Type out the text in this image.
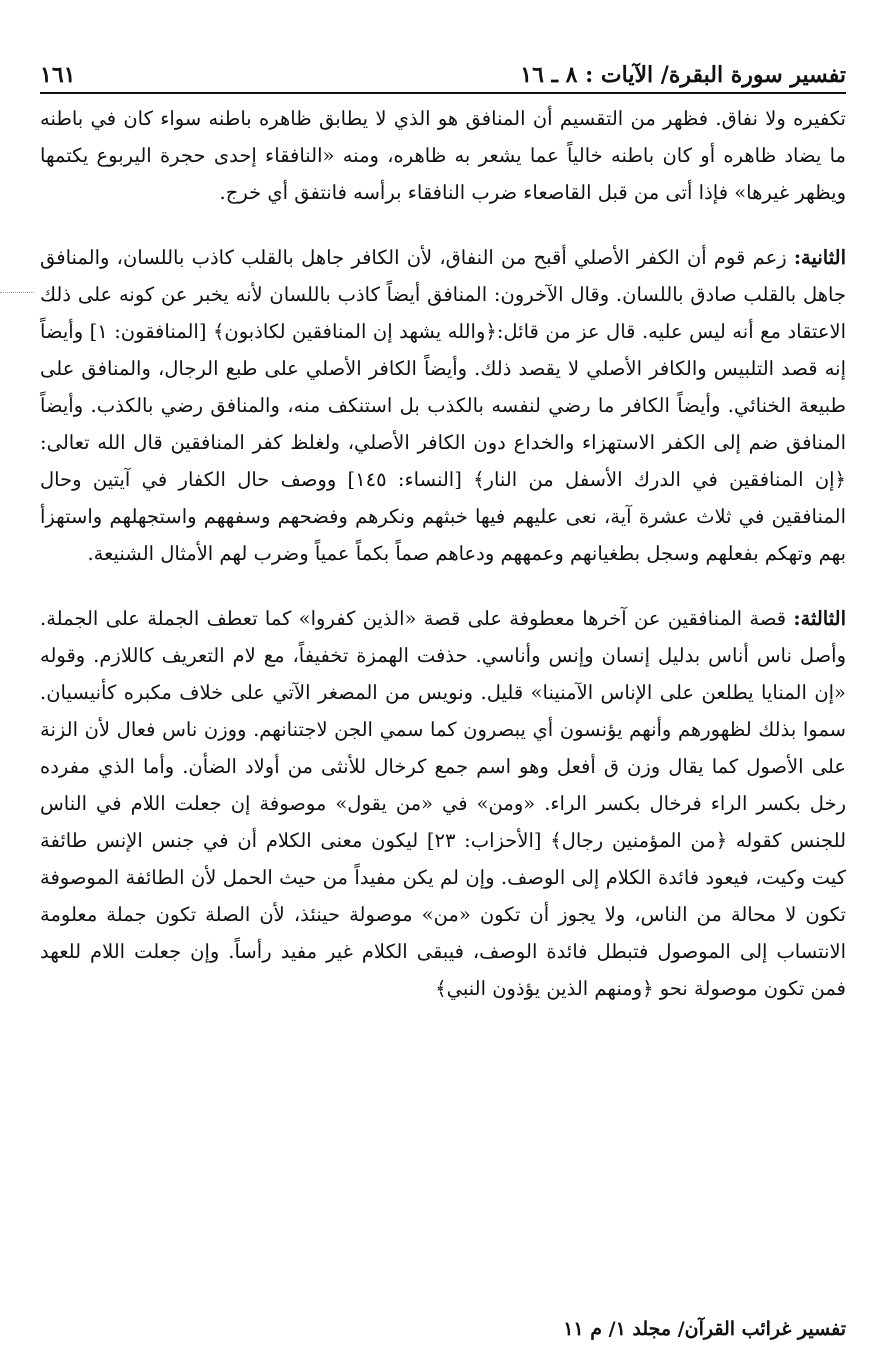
تفسير سورة البقرة/ الآيات : ٨ ـ ١٦
١٦١

تكفيره ولا نفاق. فظهر من التقسيم أن المنافق هو الذي لا يطابق ظاهره باطنه سواء كان في باطنه ما يضاد ظاهره أو كان باطنه خالياً عما يشعر به ظاهره، ومنه «النافقاء إحدى حجرة اليربوع يكتمها ويظهر غيرها» فإذا أتى من قبل القاصعاء ضرب النافقاء برأسه فانتفق أي خرج.

الثانية: زعم قوم أن الكفر الأصلي أقبح من النفاق، لأن الكافر جاهل بالقلب كاذب باللسان، والمنافق جاهل بالقلب صادق باللسان. وقال الآخرون: المنافق أيضاً كاذب باللسان لأنه يخبر عن كونه على ذلك الاعتقاد مع أنه ليس عليه. قال عز من قائل:﴿والله يشهد إن المنافقين لكاذبون﴾ [المنافقون: ١] وأيضاً إنه قصد التلبيس والكافر الأصلي لا يقصد ذلك. وأيضاً الكافر الأصلي على طبع الرجال، والمنافق على طبيعة الخنائي. وأيضاً الكافر ما رضي لنفسه بالكذب بل استنكف منه، والمنافق رضي بالكذب. وأيضاً المنافق ضم إلى الكفر الاستهزاء والخداع دون الكافر الأصلي، ولغلظ كفر المنافقين قال الله تعالى: ﴿إن المنافقين في الدرك الأسفل من النار﴾ [النساء: ١٤٥] ووصف حال الكفار في آيتين وحال المنافقين في ثلاث عشرة آية، نعى عليهم فيها خبثهم ونكرهم وفضحهم وسفههم واستجهلهم واستهزأ بهم وتهكم بفعلهم وسجل بطغيانهم وعمههم ودعاهم صماً بكماً عمياً وضرب لهم الأمثال الشنيعة.

الثالثة: قصة المنافقين عن آخرها معطوفة على قصة «الذين كفروا» كما تعطف الجملة على الجملة. وأصل ناس أناس بدليل إنسان وإنس وأناسي. حذفت الهمزة تخفيفاً، مع لام التعريف كاللازم. وقوله «إن المنايا يطلعن على الإناس الآمنينا» قليل. ونويس من المصغر الآتي على خلاف مكبره كأنيسيان. سموا بذلك لظهورهم وأنهم يؤنسون أي يبصرون كما سمي الجن لاجتنانهم. ووزن ناس فعال لأن الزنة على الأصول كما يقال وزن ق أفعل وهو اسم جمع كرخال للأنثى من أولاد الضأن. وأما الذي مفرده رخل بكسر الراء فرخال بكسر الراء. «ومن» في «من يقول» موصوفة إن جعلت اللام في الناس للجنس كقوله ﴿من المؤمنين رجال﴾ [الأحزاب: ٢٣] ليكون معنى الكلام أن في جنس الإنس طائفة كيت وكيت، فيعود فائدة الكلام إلى الوصف. وإن لم يكن مفيداً من حيث الحمل لأن الطائفة الموصوفة تكون لا محالة من الناس، ولا يجوز أن تكون «من» موصولة حينئذ، لأن الصلة تكون جملة معلومة الانتساب إلى الموصول فتبطل فائدة الوصف، فيبقى الكلام غير مفيد رأساً. وإن جعلت اللام للعهد فمن تكون موصولة نحو ﴿ومنهم الذين يؤذون النبي﴾

تفسير غرائب القرآن/ مجلد ١/ م ١١
